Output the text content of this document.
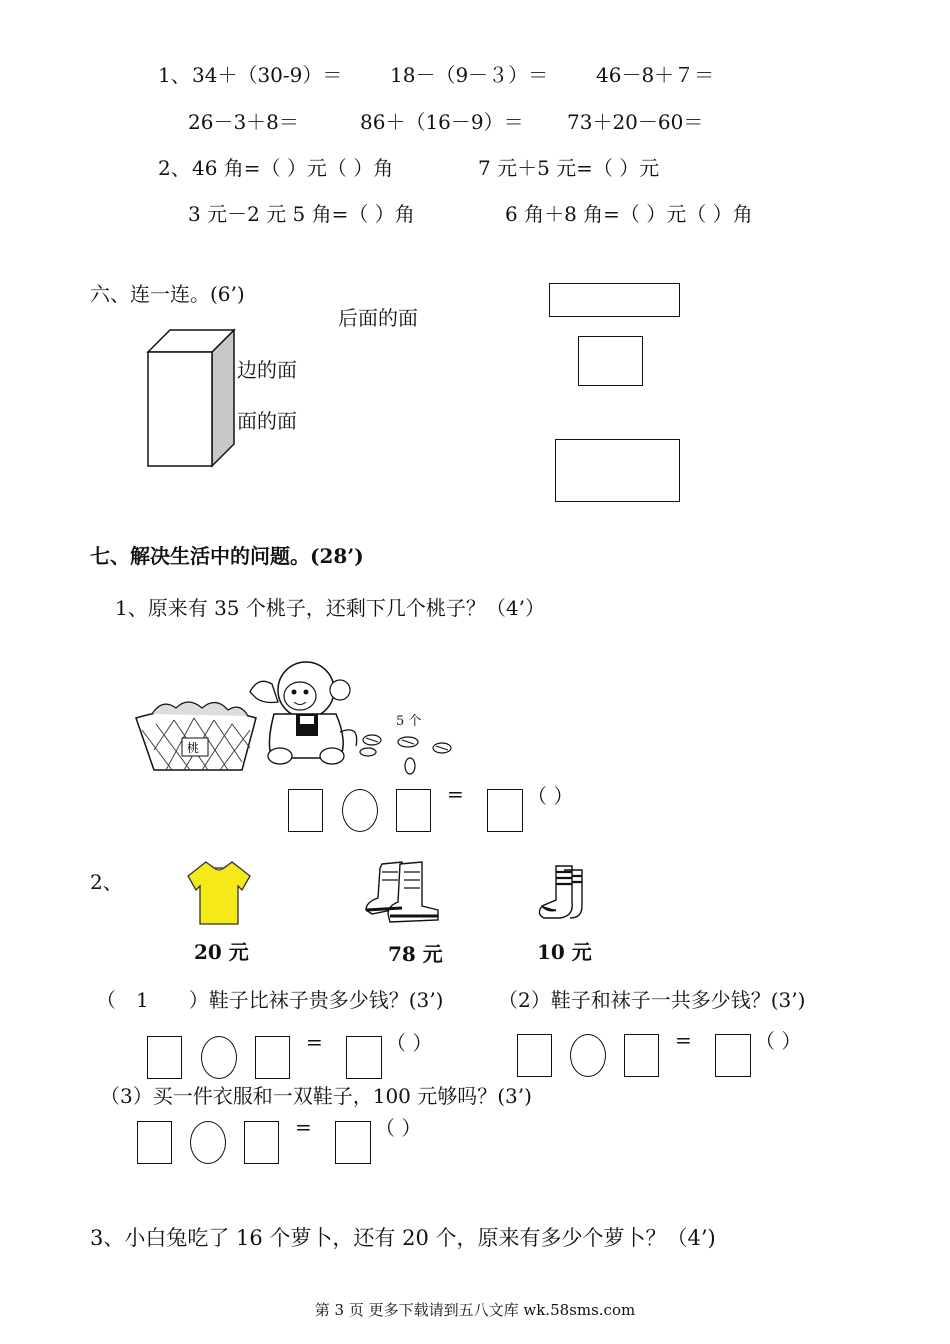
1、 34＋（30-9）＝ 18－（9－３）＝ 46－8＋７＝
26－3＋8＝	86＋（16－9）＝ 73＋20－60＝
2、 46 角=（ ）元（ ）角	7 元＋5 元=（ ）元
3 元－2 元 5 角=（ ）角	6 角＋8 角=（ ）元（ ）角
六、连一连。(6’)
后面的面
边的面
面的面
七、解决生活中的问题。(28’)
1、原来有 35 个桃子，还剩下几个桃子？（4’）
桃
5 个
=	（ ）
2、
20 元	78 元	10 元
（　1　　）鞋子比袜子贵多少钱？(3’)	（2）鞋子和袜子一共多少钱？(3’)
=	（ ）	=	（ ）
（3）买一件衣服和一双鞋子，100 元够吗？(3’)
=	（ ）
3、小白兔吃了 16 个萝卜，还有 20 个，原来有多少个萝卜？（4’)
第 3 页 更多下载请到五八文库 wk.58sms.com
